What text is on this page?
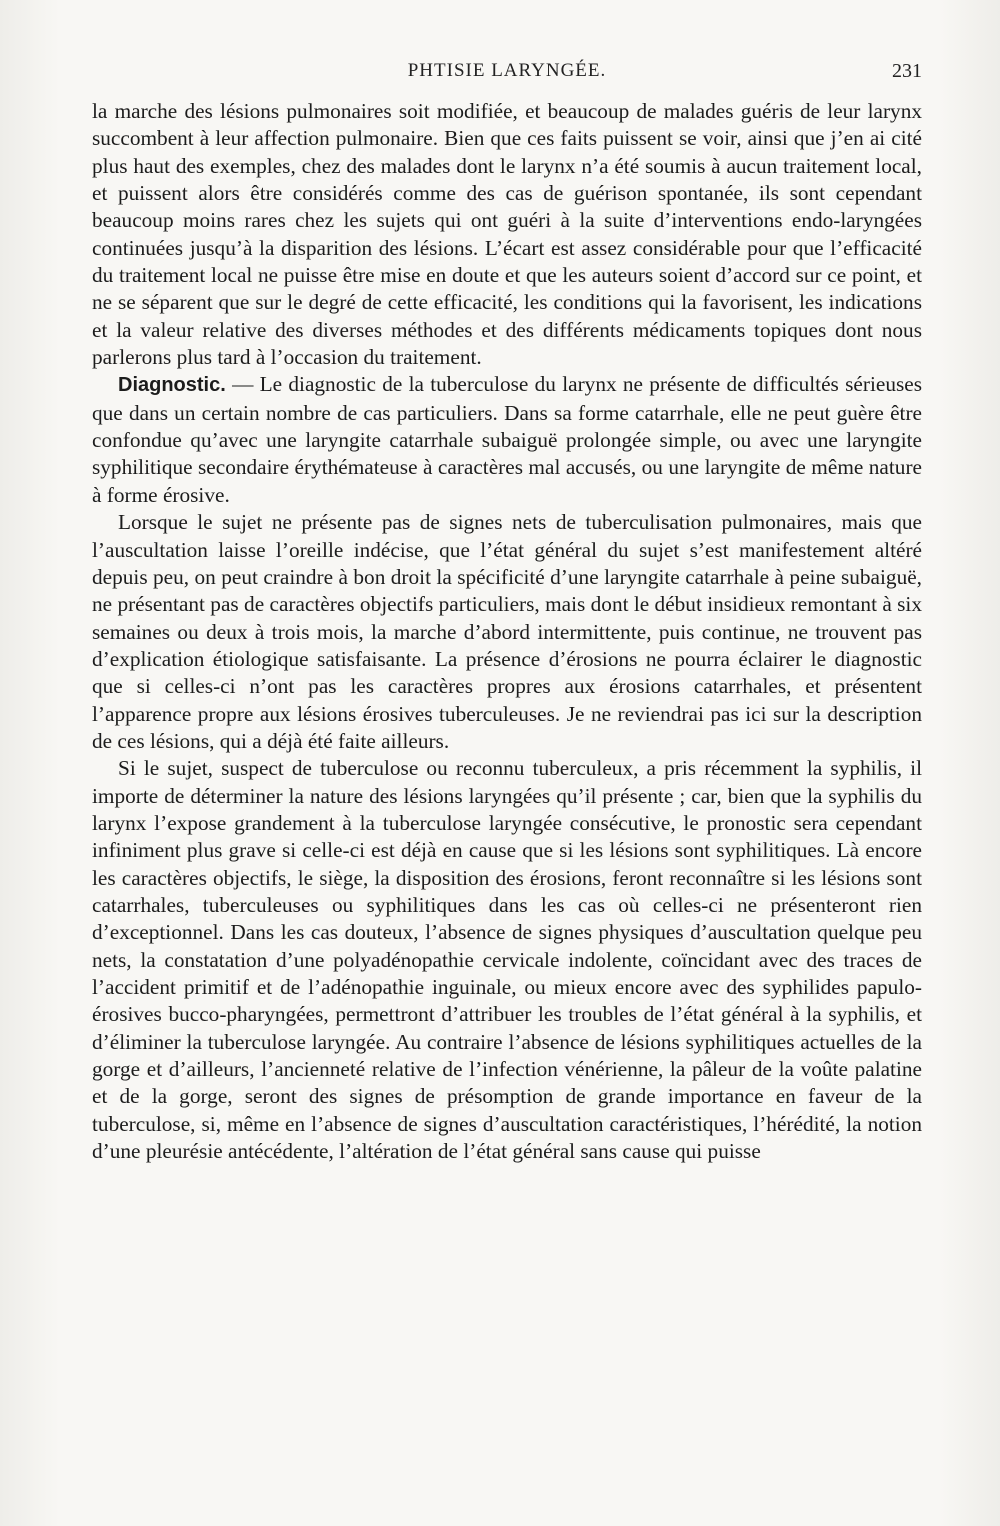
PHTISIE LARYNGÉE.	231

la marche des lésions pulmonaires soit modifiée, et beaucoup de malades guéris de leur larynx succombent à leur affection pulmonaire. Bien que ces faits puissent se voir, ainsi que j’en ai cité plus haut des exemples, chez des malades dont le larynx n’a été soumis à aucun traitement local, et puissent alors être considérés comme des cas de guérison spontanée, ils sont cependant beaucoup moins rares chez les sujets qui ont guéri à la suite d’interventions endo-laryngées continuées jusqu’à la disparition des lésions. L’écart est assez considérable pour que l’efficacité du traitement local ne puisse être mise en doute et que les auteurs soient d’accord sur ce point, et ne se séparent que sur le degré de cette efficacité, les conditions qui la favorisent, les indications et la valeur relative des diverses méthodes et des différents médicaments topiques dont nous parlerons plus tard à l’occasion du traitement.

Diagnostic. — Le diagnostic de la tuberculose du larynx ne présente de difficultés sérieuses que dans un certain nombre de cas particuliers. Dans sa forme catarrhale, elle ne peut guère être confondue qu’avec une laryngite catarrhale subaiguë prolongée simple, ou avec une laryngite syphilitique secondaire érythémateuse à caractères mal accusés, ou une laryngite de même nature à forme érosive.

Lorsque le sujet ne présente pas de signes nets de tuberculisation pulmonaires, mais que l’auscultation laisse l’oreille indécise, que l’état général du sujet s’est manifestement altéré depuis peu, on peut craindre à bon droit la spécificité d’une laryngite catarrhale à peine subaiguë, ne présentant pas de caractères objectifs particuliers, mais dont le début insidieux remontant à six semaines ou deux à trois mois, la marche d’abord intermittente, puis continue, ne trouvent pas d’explication étiologique satisfaisante. La présence d’érosions ne pourra éclairer le diagnostic que si celles-ci n’ont pas les caractères propres aux érosions catarrhales, et présentent l’apparence propre aux lésions érosives tuberculeuses. Je ne reviendrai pas ici sur la description de ces lésions, qui a déjà été faite ailleurs.

Si le sujet, suspect de tuberculose ou reconnu tuberculeux, a pris récemment la syphilis, il importe de déterminer la nature des lésions laryngées qu’il présente ; car, bien que la syphilis du larynx l’expose grandement à la tuberculose laryngée consécutive, le pronostic sera cependant infiniment plus grave si celle-ci est déjà en cause que si les lésions sont syphilitiques. Là encore les caractères objectifs, le siège, la disposition des érosions, feront reconnaître si les lésions sont catarrhales, tuberculeuses ou syphilitiques dans les cas où celles-ci ne présenteront rien d’exceptionnel. Dans les cas douteux, l’absence de signes physiques d’auscultation quelque peu nets, la constatation d’une polyadénopathie cervicale indolente, coïncidant avec des traces de l’accident primitif et de l’adénopathie inguinale, ou mieux encore avec des syphilides papuloérosives bucco-pharyngées, permettront d’attribuer les troubles de l’état général à la syphilis, et d’éliminer la tuberculose laryngée. Au contraire l’absence de lésions syphilitiques actuelles de la gorge et d’ailleurs, l’ancienneté relative de l’infection vénérienne, la pâleur de la voûte palatine et de la gorge, seront des signes de présomption de grande importance en faveur de la tuberculose, si, même en l’absence de signes d’auscultation caractéristiques, l’hérédité, la notion d’une pleurésie antécédente, l’altération de l’état général sans cause qui puisse
